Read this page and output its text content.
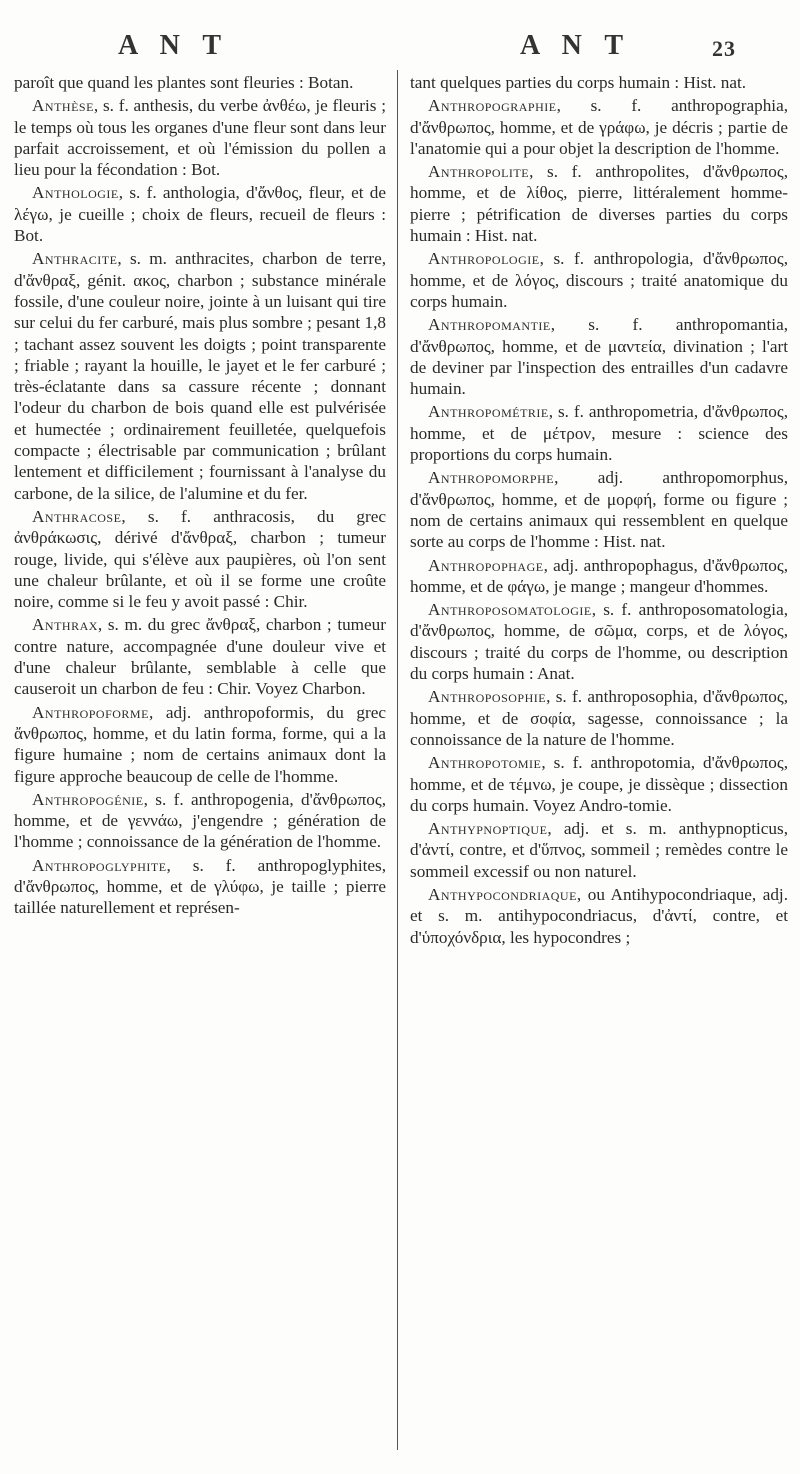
A N T	A N T	23

paroît que quand les plantes sont fleuries : Botan.

Anthèse, s. f. anthesis, du verbe ἀνθέω, je fleuris ; le temps où tous les organes d'une fleur sont dans leur parfait accroissement, et où l'émission du pollen a lieu pour la fécondation : Bot.

Anthologie, s. f. anthologia, d'ἄνθος, fleur, et de λέγω, je cueille ; choix de fleurs, recueil de fleurs : Bot.

Anthracite, s. m. anthracites, charbon de terre, d'ἄνθραξ, génit. ακος, charbon ; substance minérale fossile, d'une couleur noire, jointe à un luisant qui tire sur celui du fer carburé, mais plus sombre ; pesant 1,8 ; tachant assez souvent les doigts ; point transparente ; friable ; rayant la houille, le jayet et le fer carburé ; très-éclatante dans sa cassure récente ; donnant l'odeur du charbon de bois quand elle est pulvérisée et humectée ; ordinairement feuilletée, quelquefois compacte ; électrisable par communication ; brûlant lentement et difficilement ; fournissant à l'analyse du carbone, de la silice, de l'alumine et du fer.

Anthracose, s. f. anthracosis, du grec ἀνθράκωσις, dérivé d'ἄνθραξ, charbon ; tumeur rouge, livide, qui s'élève aux paupières, où l'on sent une chaleur brûlante, et où il se forme une croûte noire, comme si le feu y avoit passé : Chir.

Anthrax, s. m. du grec ἄνθραξ, charbon ; tumeur contre nature, accompagnée d'une douleur vive et d'une chaleur brûlante, semblable à celle que causeroit un charbon de feu : Chir. Voyez Charbon.

Anthropoforme, adj. anthropoformis, du grec ἄνθρωπος, homme, et du latin forma, forme, qui a la figure humaine ; nom de certains animaux dont la figure approche beaucoup de celle de l'homme.

Anthropogénie, s. f. anthropogenia, d'ἄνθρωπος, homme, et de γεννάω, j'engendre ; génération de l'homme ; connoissance de la génération de l'homme.

Anthropoglyphite, s. f. anthropoglyphites, d'ἄνθρωπος, homme, et de γλύφω, je taille ; pierre taillée naturellement et représen-

tant quelques parties du corps humain : Hist. nat.

Anthropographie, s. f. anthropographia, d'ἄνθρωπος, homme, et de γράφω, je décris ; partie de l'anatomie qui a pour objet la description de l'homme.

Anthropolite, s. f. anthropolites, d'ἄνθρωπος, homme, et de λίθος, pierre, littéralement homme-pierre ; pétrification de diverses parties du corps humain : Hist. nat.

Anthropologie, s. f. anthropologia, d'ἄνθρωπος, homme, et de λόγος, discours ; traité anatomique du corps humain.

Anthropomantie, s. f. anthropomantia, d'ἄνθρωπος, homme, et de μαντεία, divination ; l'art de deviner par l'inspection des entrailles d'un cadavre humain.

Anthropométrie, s. f. anthropometria, d'ἄνθρωπος, homme, et de μέτρον, mesure : science des proportions du corps humain.

Anthropomorphe, adj. anthropomorphus, d'ἄνθρωπος, homme, et de μορφή, forme ou figure ; nom de certains animaux qui ressemblent en quelque sorte au corps de l'homme : Hist. nat.

Anthropophage, adj. anthropophagus, d'ἄνθρωπος, homme, et de φάγω, je mange ; mangeur d'hommes.

Anthroposomatologie, s. f. anthroposomatologia, d'ἄνθρωπος, homme, de σῶμα, corps, et de λόγος, discours ; traité du corps de l'homme, ou description du corps humain : Anat.

Anthroposophie, s. f. anthroposophia, d'ἄνθρωπος, homme, et de σοφία, sagesse, connoissance ; la connoissance de la nature de l'homme.

Anthropotomie, s. f. anthropotomia, d'ἄνθρωπος, homme, et de τέμνω, je coupe, je dissèque ; dissection du corps humain. Voyez Andro-tomie.

Anthypnoptique, adj. et s. m. anthypnopticus, d'ἀντί, contre, et d'ὕπνος, sommeil ; remèdes contre le sommeil excessif ou non naturel.

Anthypocondriaque, ou Antihypocondriaque, adj. et s. m. antihypocondriacus, d'ἀντί, contre, et d'ὑποχόνδρια, les hypocondres ;
